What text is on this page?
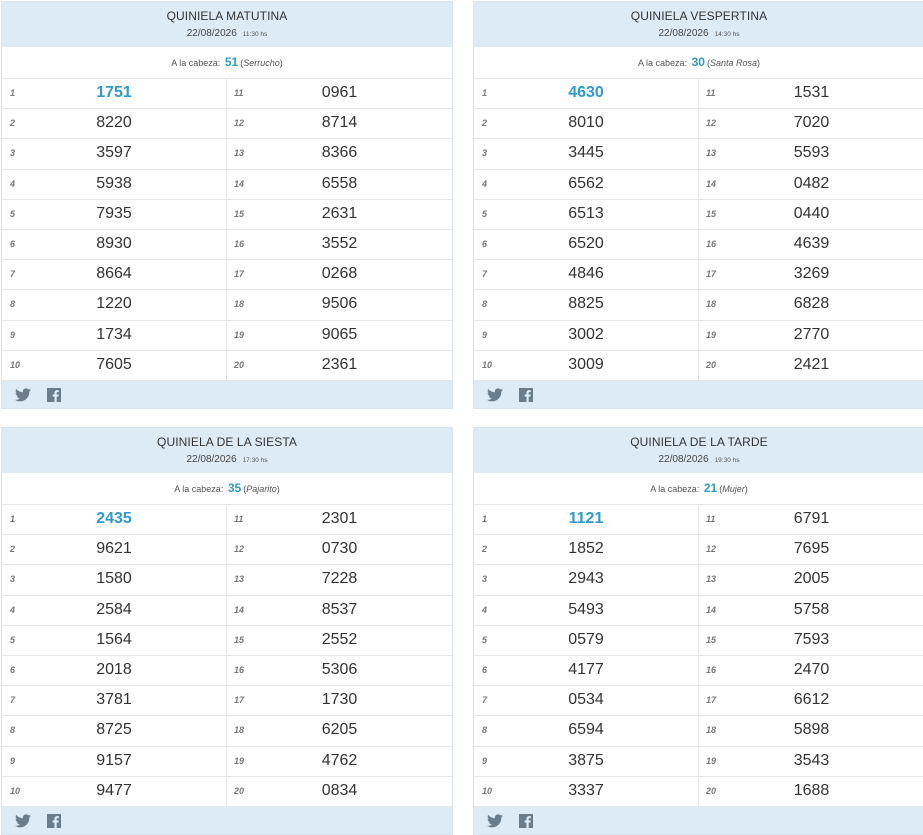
QUINIELA MATUTINA
22/08/2026 11:30 hs
A la cabeza: 51 (Serrucho)
1	1751	11	0961
2	8220	12	8714
3	3597	13	8366
4	5938	14	6558
5	7935	15	2631
6	8930	16	3552
7	8664	17	0268
8	1220	18	9506
9	1734	19	9065
10	7605	20	2361
QUINIELA VESPERTINA
22/08/2026 14:30 hs
A la cabeza: 30 (Santa Rosa)
1	4630	11	1531
2	8010	12	7020
3	3445	13	5593
4	6562	14	0482
5	6513	15	0440
6	6520	16	4639
7	4846	17	3269
8	8825	18	6828
9	3002	19	2770
10	3009	20	2421
QUINIELA DE LA SIESTA
22/08/2026 17:30 hs
A la cabeza: 35 (Pajarito)
1	2435	11	2301
2	9621	12	0730
3	1580	13	7228
4	2584	14	8537
5	1564	15	2552
6	2018	16	5306
7	3781	17	1730
8	8725	18	6205
9	9157	19	4762
10	9477	20	0834
QUINIELA DE LA TARDE
22/08/2026 19:30 hs
A la cabeza: 21 (Mujer)
1	1121	11	6791
2	1852	12	7695
3	2943	13	2005
4	5493	14	5758
5	0579	15	7593
6	4177	16	2470
7	0534	17	6612
8	6594	18	5898
9	3875	19	3543
10	3337	20	1688
